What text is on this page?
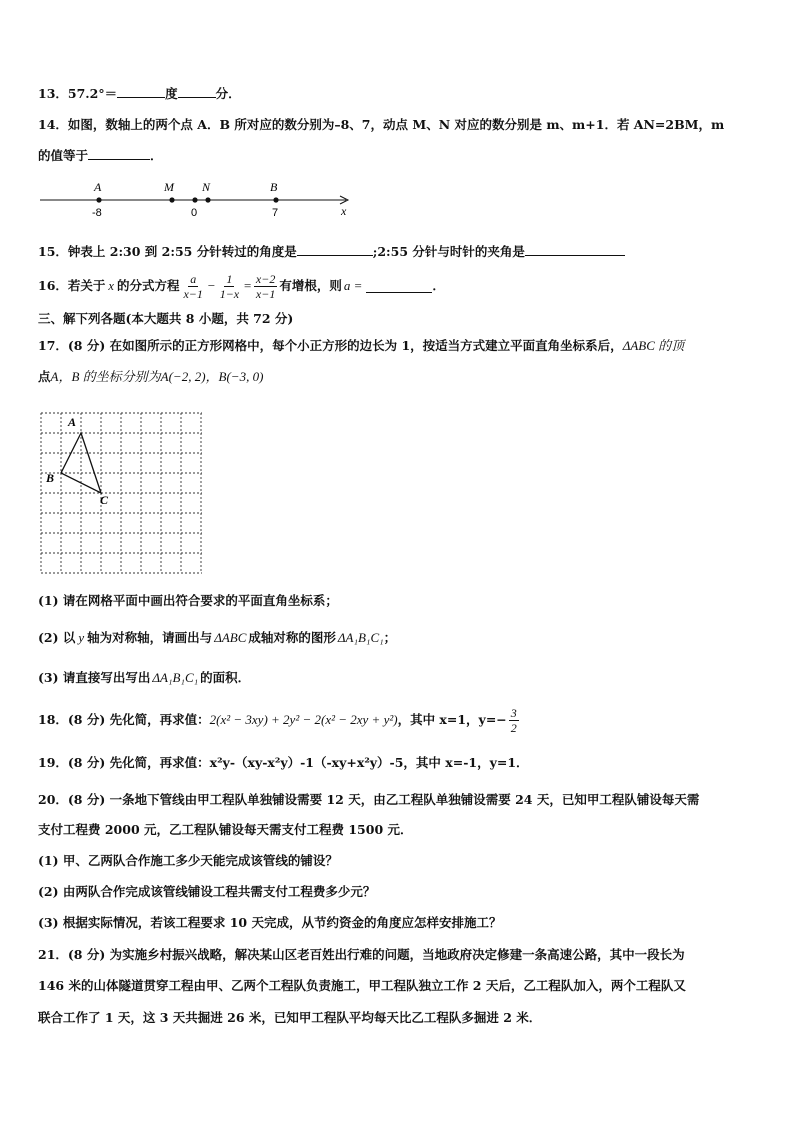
13．57.2°＝	度	分．
14．如图，数轴上的两个点 A．B 所对应的数分别为–8、7，动点 M、N 对应的数分别是 m、m+1．若 AN=2BM，m
的值等于	．
A	M N	B
-8	0	7	x
15．钟表上 2:30 到 2:55 分针转过的角度是	;2:55 分针与时针的夹角是
16．若关于 x 的分式方程 $\frac{a}{x-1} - \frac{1}{1-x} = \frac{x-2}{x-1}$ 有增根，则 a =	．
三、解下列各题(本大题共 8 小题，共 72 分)
17．(8 分) 在如图所示的正方形网格中，每个小正方形的边长为 1，按适当方式建立平面直角坐标系后，ΔABC 的顶
点A，B 的坐标分别为A(−2, 2)，B(−3, 0)
A
B
C
(1) 请在网格平面中画出符合要求的平面直角坐标系；
(2) 以 y 轴为对称轴，请画出与 ΔABC 成轴对称的图形 ΔA₁B₁C₁；
(3) 请直接写出写出 ΔA₁B₁C₁ 的面积．
18．(8 分) 先化简，再求值： 2(x² − 3xy) + 2y² − 2(x² − 2xy + y²) ，其中 x=1，$y=- \frac{3}{2}$
19．(8 分) 先化简，再求值：x²y-（xy-x²y）-1（-xy+x²y）-5，其中 x=-1，y=1．
20．(8 分) 一条地下管线由甲工程队单独铺设需要 12 天，由乙工程队单独铺设需要 24 天，已知甲工程队铺设每天需
支付工程费 2000 元，乙工程队铺设每天需支付工程费 1500 元．
(1) 甲、乙两队合作施工多少天能完成该管线的铺设？
(2) 由两队合作完成该管线铺设工程共需支付工程费多少元？
(3) 根据实际情况，若该工程要求 10 天完成，从节约资金的角度应怎样安排施工？
21．(8 分) 为实施乡村振兴战略，解决某山区老百姓出行难的问题，当地政府决定修建一条高速公路，其中一段长为
146 米的山体隧道贯穿工程由甲、乙两个工程队负责施工，甲工程队独立工作 2 天后，乙工程队加入，两个工程队又
联合工作了 1 天，这 3 天共掘进 26 米，已知甲工程队平均每天比乙工程队多掘进 2 米．
